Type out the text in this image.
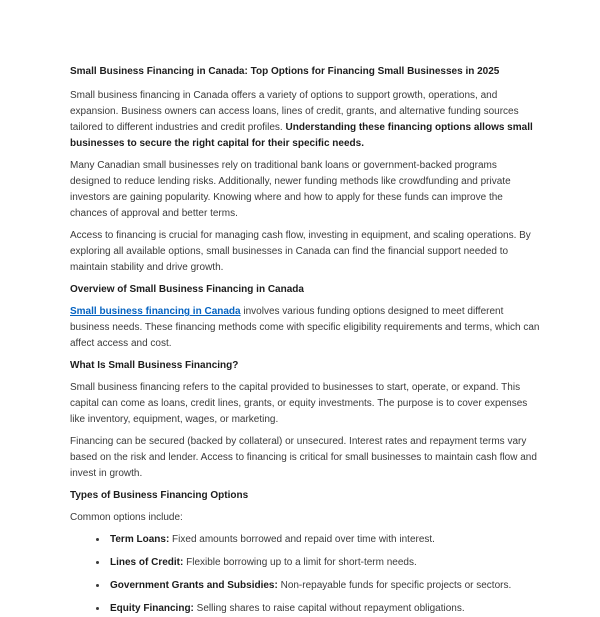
Small Business Financing in Canada: Top Options for Financing Small Businesses in 2025

Small business financing in Canada offers a variety of options to support growth, operations, and expansion. Business owners can access loans, lines of credit, grants, and alternative funding sources tailored to different industries and credit profiles. Understanding these financing options allows small businesses to secure the right capital for their specific needs.

Many Canadian small businesses rely on traditional bank loans or government-backed programs designed to reduce lending risks. Additionally, newer funding methods like crowdfunding and private investors are gaining popularity. Knowing where and how to apply for these funds can improve the chances of approval and better terms.

Access to financing is crucial for managing cash flow, investing in equipment, and scaling operations. By exploring all available options, small businesses in Canada can find the financial support needed to maintain stability and drive growth.

Overview of Small Business Financing in Canada

Small business financing in Canada involves various funding options designed to meet different business needs. These financing methods come with specific eligibility requirements and terms, which can affect access and cost.

What Is Small Business Financing?

Small business financing refers to the capital provided to businesses to start, operate, or expand. This capital can come as loans, credit lines, grants, or equity investments. The purpose is to cover expenses like inventory, equipment, wages, or marketing.

Financing can be secured (backed by collateral) or unsecured. Interest rates and repayment terms vary based on the risk and lender. Access to financing is critical for small businesses to maintain cash flow and invest in growth.

Types of Business Financing Options

Common options include:

• Term Loans: Fixed amounts borrowed and repaid over time with interest.
• Lines of Credit: Flexible borrowing up to a limit for short-term needs.
• Government Grants and Subsidies: Non-repayable funds for specific projects or sectors.
• Equity Financing: Selling shares to raise capital without repayment obligations.
